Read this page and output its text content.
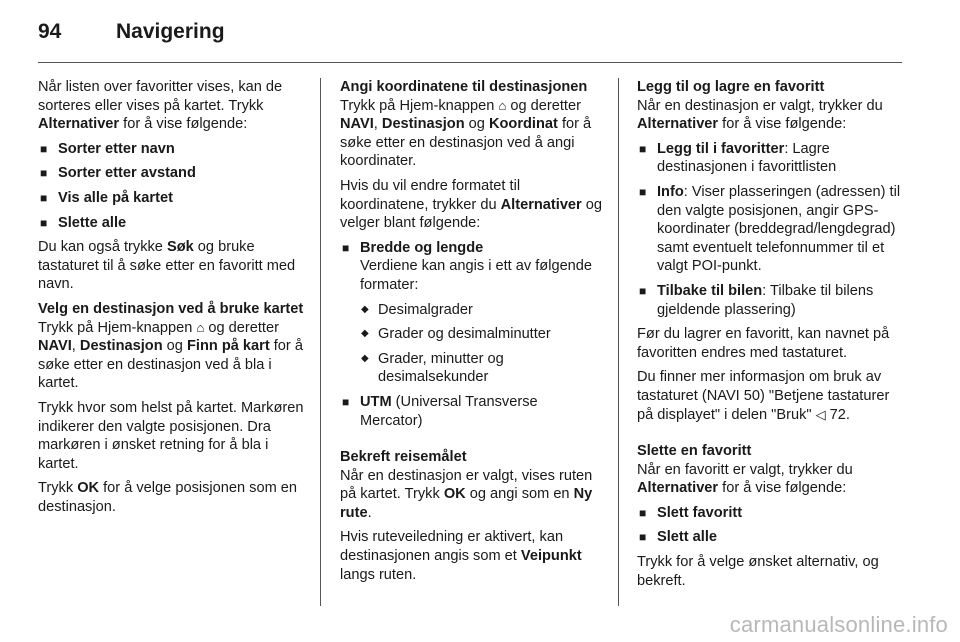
94	Navigering

Når listen over favoritter vises, kan de sorteres eller vises på kartet. Trykk Alternativer for å vise følgende:

■ Sorter etter navn
■ Sorter etter avstand
■ Vis alle på kartet
■ Slette alle

Du kan også trykke Søk og bruke tastaturet til å søke etter en favoritt med navn.

Velg en destinasjon ved å bruke kartet

Trykk på Hjem-knappen ⌂ og deretter NAVI, Destinasjon og Finn på kart for å søke etter en destinasjon ved å bla i kartet.

Trykk hvor som helst på kartet. Markøren indikerer den valgte posisjonen. Dra markøren i ønsket retning for å bla i kartet.

Trykk OK for å velge posisjonen som en destinasjon.

Angi koordinatene til destinasjonen

Trykk på Hjem-knappen ⌂ og deretter NAVI, Destinasjon og Koordinat for å søke etter en destinasjon ved å angi koordinater.

Hvis du vil endre formatet til koordinatene, trykker du Alternativer og velger blant følgende:

■ Bredde og lengde
Verdiene kan angis i ett av følgende formater:
◆ Desimalgrader
◆ Grader og desimalminutter
◆ Grader, minutter og desimalsekunder
■ UTM (Universal Transverse Mercator)

Bekreft reisemålet

Når en destinasjon er valgt, vises ruten på kartet. Trykk OK og angi som en Ny rute.

Hvis ruteveiledning er aktivert, kan destinasjonen angis som et Veipunkt langs ruten.

Legg til og lagre en favoritt

Når en destinasjon er valgt, trykker du Alternativer for å vise følgende:

■ Legg til i favoritter: Lagre destinasjonen i favorittlisten
■ Info: Viser plasseringen (adressen) til den valgte posisjonen, angir GPS-koordinater (breddegrad/lengdegrad) samt eventuelt telefonnummer til et valgt POI-punkt.
■ Tilbake til bilen: Tilbake til bilens gjeldende plassering)

Før du lagrer en favoritt, kan navnet på favoritten endres med tastaturet.

Du finner mer informasjon om bruk av tastaturet (NAVI 50) "Betjene tastaturer på displayet" i delen "Bruk" ◁ 72.

Slette en favoritt

Når en favoritt er valgt, trykker du Alternativer for å vise følgende:

■ Slett favoritt
■ Slett alle

Trykk for å velge ønsket alternativ, og bekreft.

carmanualsonline.info
